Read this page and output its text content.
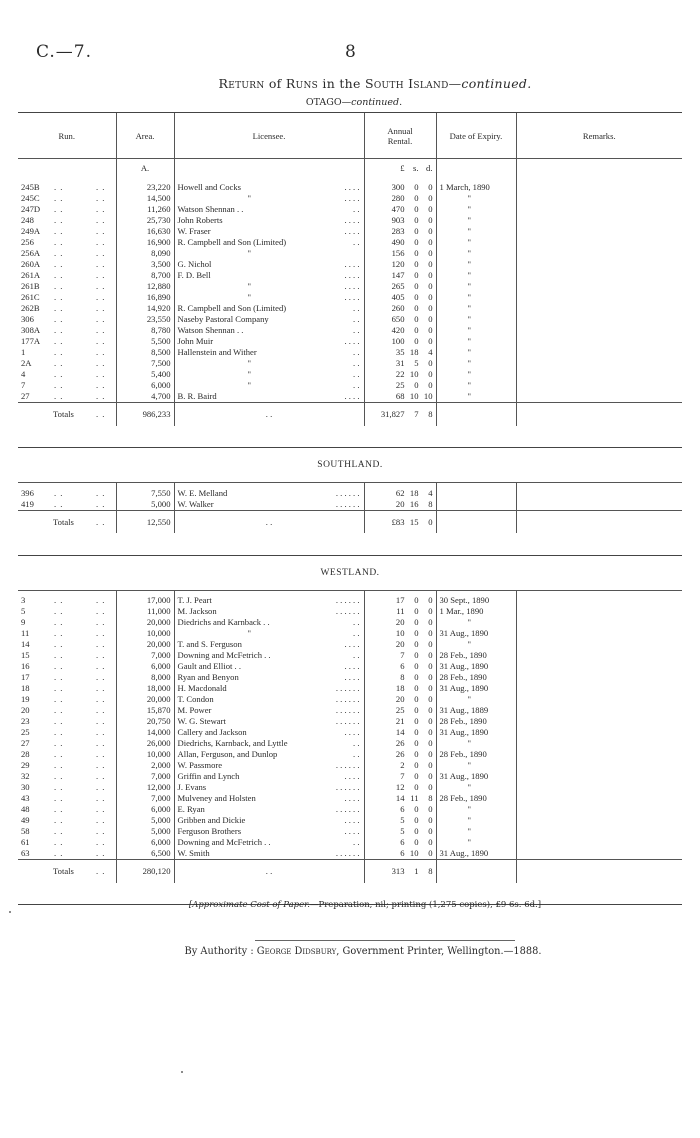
C.—7.	8
Return of Runs in the South Island—continued.
OTAGO—continued.
Run.	Area.	Licensee.	Annual
Rental.	Date of Expiry.	Remarks.
	A.		£ s. d.		

245B . . . .	23,220	Howell and Cocks . . . .	300 0 0	1 March, 1890	
245C . . . .	14,500	" . . . .	280 0 0	"	
247D . . . .	11,260	Watson Shennan . . . .	470 0 0	"	
248 . . . .	25,730	John Roberts . . . .	903 0 0	"	
249A . . . .	16,630	W. Fraser . . . .	283 0 0	"	
256 . . . .	16,900	R. Campbell and Son (Limited) . .	490 0 0	"	
256A . . . .	8,090	"	156 0 0	"	
260A . . . .	3,500	G. Nichol . . . .	120 0 0	"	
261A . . . .	8,700	F. D. Bell . . . .	147 0 0	"	
261B . . . .	12,880	" . . . .	265 0 0	"	
261C . . . .	16,890	" . . . .	405 0 0	"	
262B . . . .	14,920	R. Campbell and Son (Limited) . .	260 0 0	"	
306 . . . .	23,550	Naseby Pastoral Company . .	650 0 0	"	
308A . . . .	8,780	Watson Shennan . . . .	420 0 0	"	
177A . . . .	5,500	John Muir . . . .	100 0 0	"	
1 . . . .	8,500	Hallenstein and Wither . .	35 18 4	"	
2A . . . .	7,500	" . .	31 5 0	"	
4 . . . .	5,400	" . .	22 10 0	"	
7 . . . .	6,000	" . .	25 0 0	"	
27 . . . .	4,700	B. R. Baird . . . .	68 10 10	"	
Totals . .	986,233	. .	31,827 7 8		

SOUTHLAND.					

396 . . . .	7,550	W. E. Melland . . . . . .	62 18 4		
419 . . . .	5,000	W. Walker . . . . . .	20 16 8		
Totals . .	12,550	. .	£83 15 0		

WESTLAND.					

3 . . . .	17,000	T. J. Peart . . . . . .	17 0 0	30 Sept., 1890	
5 . . . .	11,000	M. Jackson . . . . . .	11 0 0	1 Mar., 1890	
9 . . . .	20,000	Diedrichs and Karnback . . . .	20 0 0	"	
11 . . . .	10,000	" . .	10 0 0	31 Aug., 1890	
14 . . . .	20,000	T. and S. Ferguson . . . .	20 0 0	"	
15 . . . .	7,000	Downing and McFetrich . . . .	7 0 0	28 Feb., 1890	
16 . . . .	6,000	Gault and Elliot . . . . . .	6 0 0	31 Aug., 1890	
17 . . . .	8,000	Ryan and Benyon . . . .	8 0 0	28 Feb., 1890	
18 . . . .	18,000	H. Macdonald . . . . . .	18 0 0	31 Aug., 1890	
19 . . . .	20,000	T. Condon . . . . . .	20 0 0	"	
20 . . . .	15,870	M. Power . . . . . .	25 0 0	31 Aug., 1889	
23 . . . .	20,750	W. G. Stewart . . . . . .	21 0 0	28 Feb., 1890	
25 . . . .	14,000	Callery and Jackson . . . .	14 0 0	31 Aug., 1890	
27 . . . .	26,000	Diedrichs, Karnback, and Lyttle . .	26 0 0	"	
28 . . . .	10,000	Allan, Ferguson, and Dunlop . .	26 0 0	28 Feb., 1890	
29 . . . .	2,000	W. Passmore . . . . . .	2 0 0	"	
32 . . . .	7,000	Griffin and Lynch . . . .	7 0 0	31 Aug., 1890	
30 . . . .	12,000	J. Evans . . . . . .	12 0 0	"	
43 . . . .	7,000	Mulveney and Holsten . . . .	14 11 8	28 Feb., 1890	
48 . . . .	6,000	E. Ryan . . . . . .	6 0 0	"	
49 . . . .	5,000	Gribben and Dickie . . . .	5 0 0	"	
58 . . . .	5,000	Ferguson Brothers . . . .	5 0 0	"	
61 . . . .	6,000	Downing and McFetrich . . . .	6 0 0	"	
63 . . . .	6,500	W. Smith . . . . . .	6 10 0	31 Aug., 1890	
Totals . .	280,120	. .	313 1 8		

[Approximate Cost of Paper.—Preparation, nil; printing (1,275 copies), £9 6s. 6d.]
By Authority : George Didsbury, Government Printer, Wellington.—1888.
